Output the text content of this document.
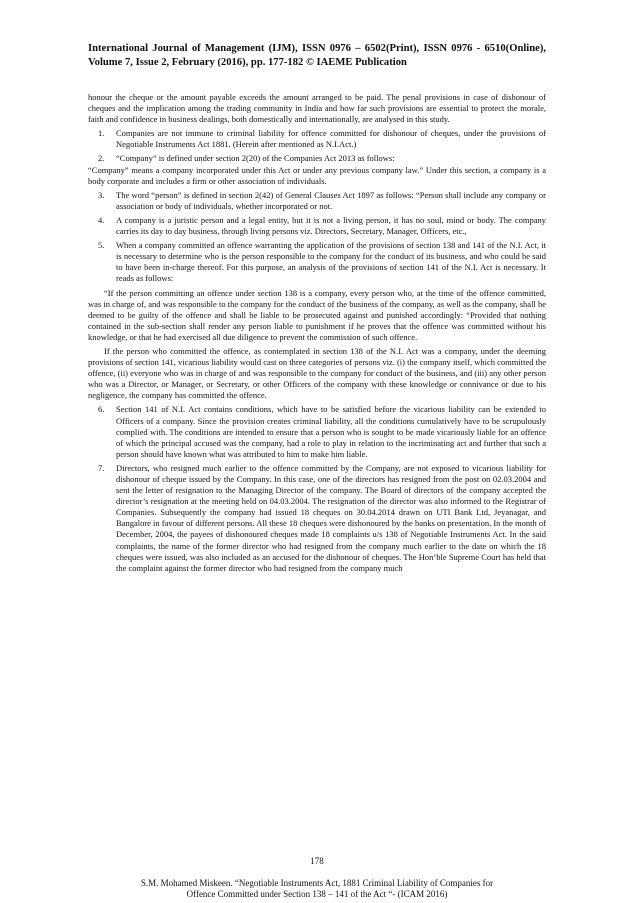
International Journal of Management (IJM), ISSN 0976 – 6502(Print), ISSN 0976 - 6510(Online), Volume 7, Issue 2, February (2016), pp. 177-182 © IAEME Publication

honour the cheque or the amount payable exceeds the amount arranged to be paid. The penal provisions in case of dishonour of cheques and the implication among the trading community in India and how far such provisions are essential to protect the morale, faith and confidence in business dealings, both domestically and internationally, are analysed in this study.

1.	Companies are not immune to criminal liability for offence committed for dishonour of cheques, under the provisions of Negotiable Instruments Act 1881. (Herein after mentioned as N.I.Act.)
2.	“Company” is defined under section 2(20) of the Companies Act 2013 as follows:

“Company” means a company incorporated under this Act or under any previous company law.” Under this section, a company is a body corporate and includes a firm or other association of individuals.

3.	The word “person” is defined in section 2(42) of General Clauses Act 1897 as follows: “Person shall include any company or association or body of individuals, whether incorporated or not.
4.	A company is a juristic person and a legal entity, but it is not a living person, it has no soul, mind or body. The company carries its day to day business, through living persons viz. Directors, Secretary, Manager, Officers, etc.,
5.	When a company committed an offence warranting the application of the provisions of section 138 and 141 of the N.I. Act, it is necessary to determine who is the person responsible to the company for the conduct of its business, and who could be said to have been in-charge thereof. For this purpose, an analysis of the provisions of section 141 of the N.I. Act is necessary. It reads as follows:

“If the person committing an offence under section 138 is a company, every person who, at the time of the offence committed, was in charge of, and was responsible to the company for the conduct of the business of the company, as well as the company, shall be deemed to be guilty of the offence and shall be liable to be prosecuted against and punished accordingly: “Provided that nothing contained in the sub-section shall render any person liable to punishment if he proves that the offence was committed without his knowledge, or that he had exercised all due diligence to prevent the commission of such offence.

If the person who committed the offence, as contemplated in section 138 of the N.I. Act was a company, under the deeming provisions of section 141, vicarious liability would cast on three categories of persons viz. (i) the company itself, which committed the offence, (ii) everyone who was in charge of and was responsible to the company for conduct of the business, and (iii) any other person who was a Director, or Manager, or Secretary, or other Officers of the company with these knowledge or connivance or due to his negligence, the company has committed the offence.

6.	Section 141 of N.I. Act contains conditions, which have to be satisfied before the vicarious liability can be extended to Officers of a company. Since the provision creates criminal liability, all the conditions cumulatively have to be scrupulously complied with. The conditions are intended to ensure that a person who is sought to be made vicariously liable for an offence of which the principal accused was the company, had a role to play in relation to the incriminating act and further that such a person should have known what was attributed to him to make him liable.
7.	Directors, who resigned much earlier to the offence committed by the Company, are not exposed to vicarious liability for dishonour of cheque issued by the Company. In this case, one of the directors has resigned from the post on 02.03.2004 and sent the letter of resignation to the Managing Director of the company. The Board of directors of the company accepted the director’s resignation at the meeting held on 04.03.2004. The resignation of the director was also informed to the Registrar of Companies. Subsequently the company had issued 18 cheques on 30.04.2014 drawn on UTI Bank Ltd, Jeyanagar, and Bangalore in favour of different persons. All these 18 cheques were dishonoured by the banks on presentation. In the month of December, 2004, the payees of dishonoured cheques made 18 complaints u/s 138 of Negotiable Instruments Act. In the said complaints, the name of the former director who had resigned from the company much earlier to the date on which the 18 cheques were issued, was also included as an accused for the dishonour of cheques. The Hon’ble Supreme Court has held that the complaint against the former director who had resigned from the company much
178
S.M. Mohamed Miskeen. “Negotiable Instruments Act, 1881 Criminal Liability of Companies for
Offence Committed under Section 138 – 141 of the Act “- (ICAM 2016)
